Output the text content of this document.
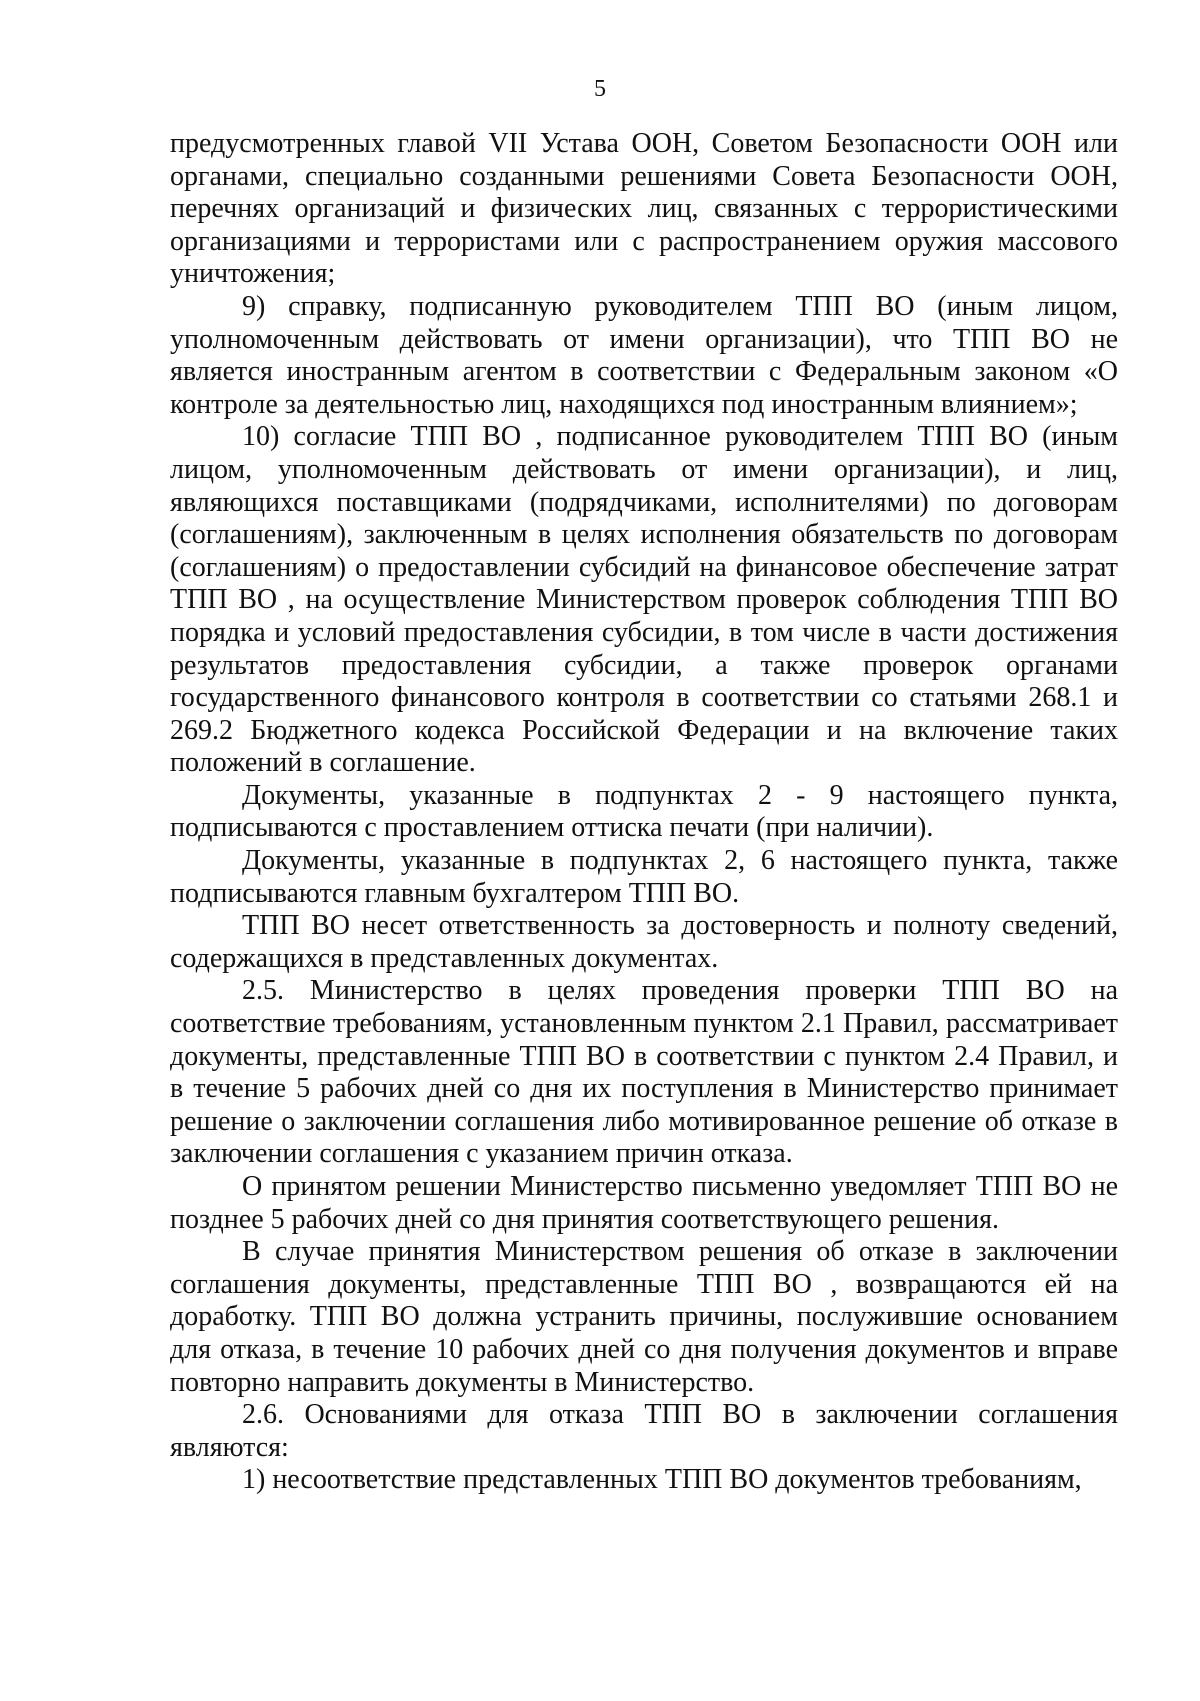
5

предусмотренных главой VII Устава ООН, Советом Безопасности ООН или органами, специально созданными решениями Совета Безопасности ООН, перечнях организаций и физических лиц, связанных с террористическими организациями и террористами или с распространением оружия массового уничтожения;

9) справку, подписанную руководителем ТПП ВО (иным лицом, уполномоченным действовать от имени организации), что ТПП ВО не является иностранным агентом в соответствии с Федеральным законом «О контроле за деятельностью лиц, находящихся под иностранным влиянием»;

10) согласие ТПП ВО , подписанное руководителем ТПП ВО (иным лицом, уполномоченным действовать от имени организации), и лиц, являющихся поставщиками (подрядчиками, исполнителями) по договорам (соглашениям), заключенным в целях исполнения обязательств по договорам (соглашениям) о предоставлении субсидий на финансовое обеспечение затрат ТПП ВО , на осуществление Министерством проверок соблюдения ТПП ВО порядка и условий предоставления субсидии, в том числе в части достижения результатов предоставления субсидии, а также проверок органами государственного финансового контроля в соответствии со статьями 268.1 и 269.2 Бюджетного кодекса Российской Федерации и на включение таких положений в соглашение.

Документы, указанные в подпунктах 2 - 9 настоящего пункта, подписываются с проставлением оттиска печати (при наличии).

Документы, указанные в подпунктах 2, 6 настоящего пункта, также подписываются главным бухгалтером ТПП ВО.

ТПП ВО несет ответственность за достоверность и полноту сведений, содержащихся в представленных документах.

2.5. Министерство в целях проведения проверки ТПП ВО на соответствие требованиям, установленным пунктом 2.1 Правил, рассматривает документы, представленные ТПП ВО в соответствии с пунктом 2.4 Правил, и в течение 5 рабочих дней со дня их поступления в Министерство принимает решение о заключении соглашения либо мотивированное решение об отказе в заключении соглашения с указанием причин отказа.

О принятом решении Министерство письменно уведомляет ТПП ВО не позднее 5 рабочих дней со дня принятия соответствующего решения.

В случае принятия Министерством решения об отказе в заключении соглашения документы, представленные ТПП ВО , возвращаются ей на доработку. ТПП ВО должна устранить причины, послужившие основанием для отказа, в течение 10 рабочих дней со дня получения документов и вправе повторно направить документы в Министерство.

2.6. Основаниями для отказа ТПП ВО в заключении соглашения являются:

1) несоответствие представленных ТПП ВО документов требованиям,
